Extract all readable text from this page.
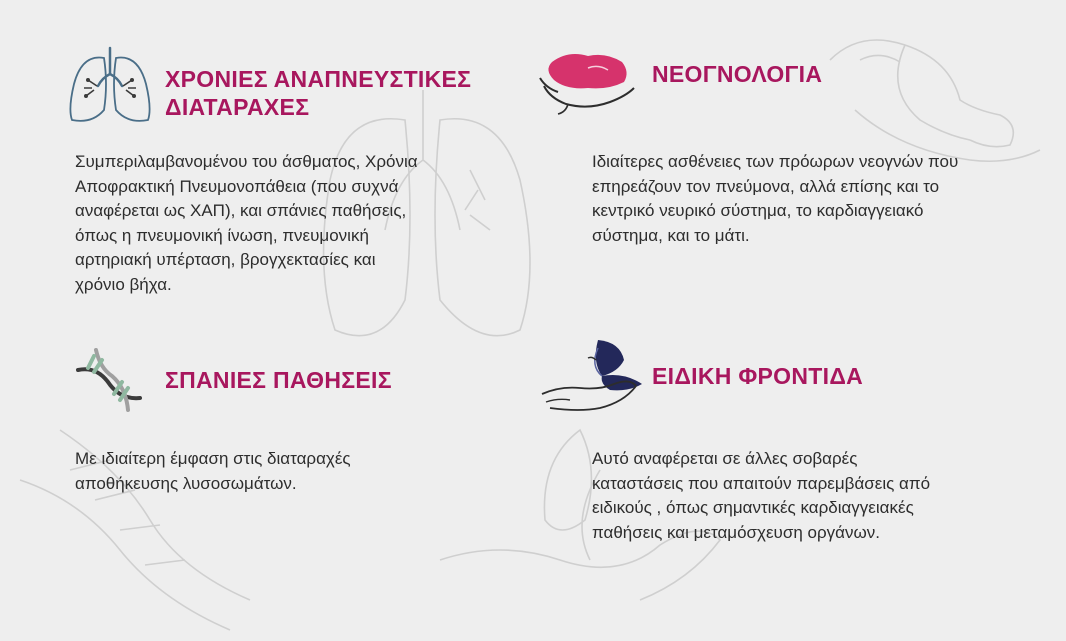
ΧΡΟΝΙΕΣ ΑΝΑΠΝΕΥΣΤΙΚΕΣ ΔΙΑΤΑΡΑΧΕΣ

Συμπεριλαμβανομένου του άσθματος, Χρόνια Αποφρακτική Πνευμονοπάθεια (που συχνά αναφέρεται ως ΧΑΠ), και σπάνιες παθήσεις, όπως η πνευμονική ίνωση, πνευμονική αρτηριακή υπέρταση, βρογχεκτασίες και χρόνιο βήχα.

ΝΕΟΓΝΟΛΟΓΙΑ

Ιδιαίτερες ασθένειες των πρόωρων νεογνών που επηρεάζουν τον πνεύμονα, αλλά επίσης και το κεντρικό νευρικό σύστημα, το καρδιαγγειακό σύστημα, και το μάτι.

ΣΠΑΝΙΕΣ ΠΑΘΗΣΕΙΣ

Με ιδιαίτερη έμφαση στις διαταραχές αποθήκευσης λυσοσωμάτων.

ΕΙΔΙΚΗ ΦΡΟΝΤΙΔΑ

Αυτό αναφέρεται σε άλλες σοβαρές καταστάσεις που απαιτούν παρεμβάσεις από ειδικούς , όπως σημαντικές καρδιαγγειακές παθήσεις και μεταμόσχευση οργάνων.
